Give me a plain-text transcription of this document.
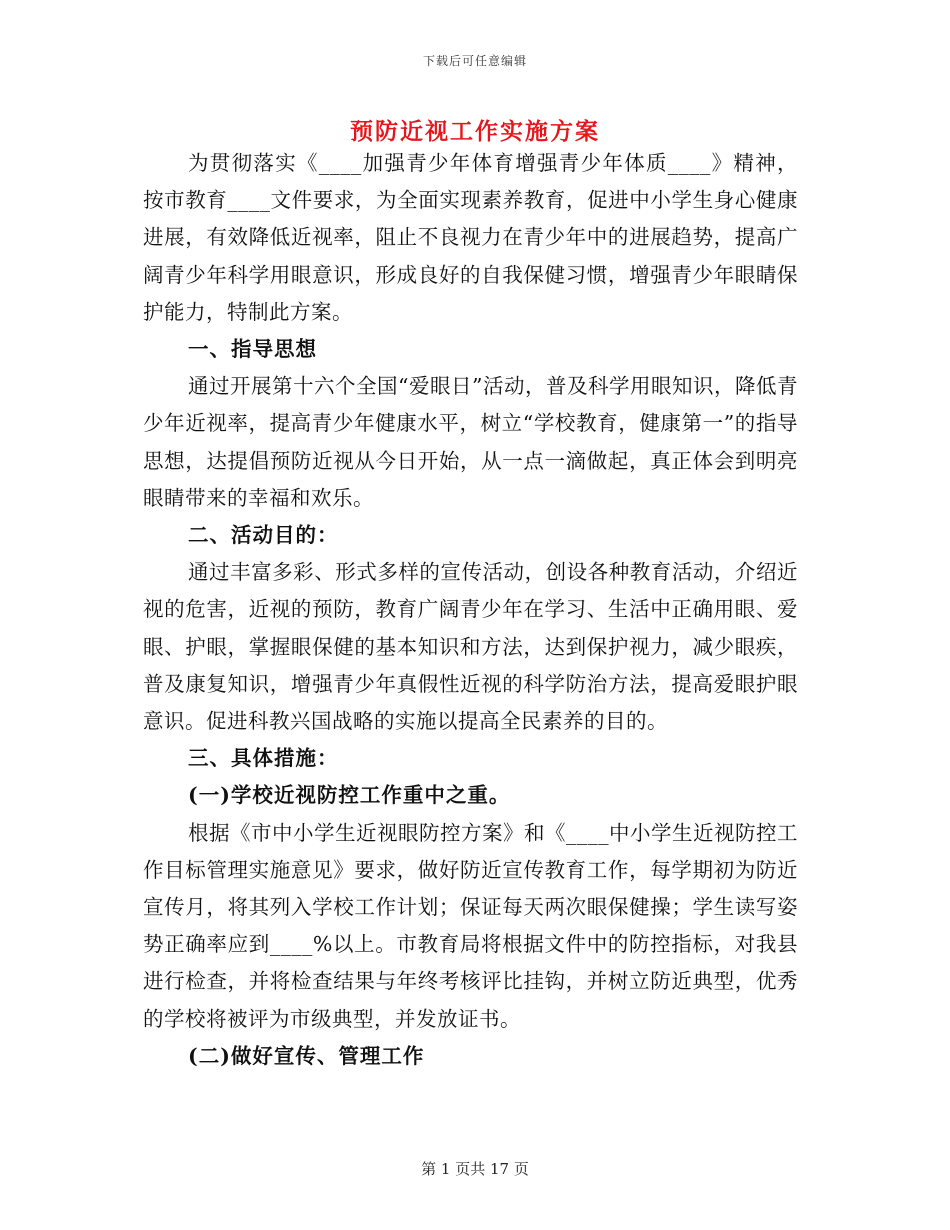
下载后可任意编辑
预防近视工作实施方案

为贯彻落实《____加强青少年体育增强青少年体质____》精神，按市教育____文件要求，为全面实现素养教育，促进中小学生身心健康进展，有效降低近视率，阻止不良视力在青少年中的进展趋势，提高广阔青少年科学用眼意识，形成良好的自我保健习惯，增强青少年眼睛保护能力，特制此方案。

一、指导思想

通过开展第十六个全国“爱眼日”活动，普及科学用眼知识，降低青少年近视率，提高青少年健康水平，树立“学校教育，健康第一”的指导思想，达提倡预防近视从今日开始，从一点一滴做起，真正体会到明亮眼睛带来的幸福和欢乐。

二、活动目的：

通过丰富多彩、形式多样的宣传活动，创设各种教育活动，介绍近视的危害，近视的预防，教育广阔青少年在学习、生活中正确用眼、爱眼、护眼，掌握眼保健的基本知识和方法，达到保护视力，减少眼疾，普及康复知识，增强青少年真假性近视的科学防治方法，提高爱眼护眼意识。促进科教兴国战略的实施以提高全民素养的目的。

三、具体措施：

(一)学校近视防控工作重中之重。

根据《市中小学生近视眼防控方案》和《____中小学生近视防控工作目标管理实施意见》要求，做好防近宣传教育工作，每学期初为防近宣传月，将其列入学校工作计划；保证每天两次眼保健操；学生读写姿势正确率应到____%以上。市教育局将根据文件中的防控指标，对我县进行检查，并将检查结果与年终考核评比挂钩，并树立防近典型，优秀的学校将被评为市级典型，并发放证书。

(二)做好宣传、管理工作

第 1 页共 17 页
